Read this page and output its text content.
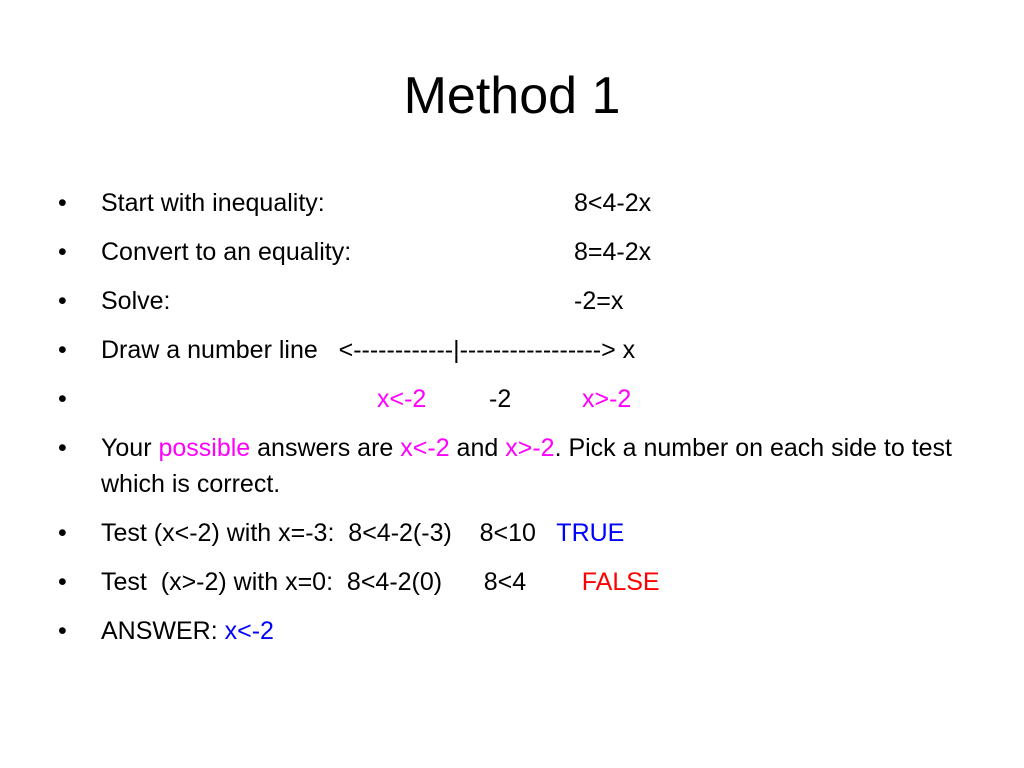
Method 1
• Start with inequality:	8<4-2x
• Convert to an equality:	8=4-2x
• Solve:	-2=x
• Draw a number line   <------------|-----------------> x
• x<-2	-2	x>-2
• Your possible answers are x<-2 and x>-2. Pick a number on each side to test which is correct.
• Test (x<-2) with x=-3:  8<4-2(-3)    8<10   TRUE
• Test  (x>-2) with x=0:  8<4-2(0)      8<4        FALSE
• ANSWER: x<-2
